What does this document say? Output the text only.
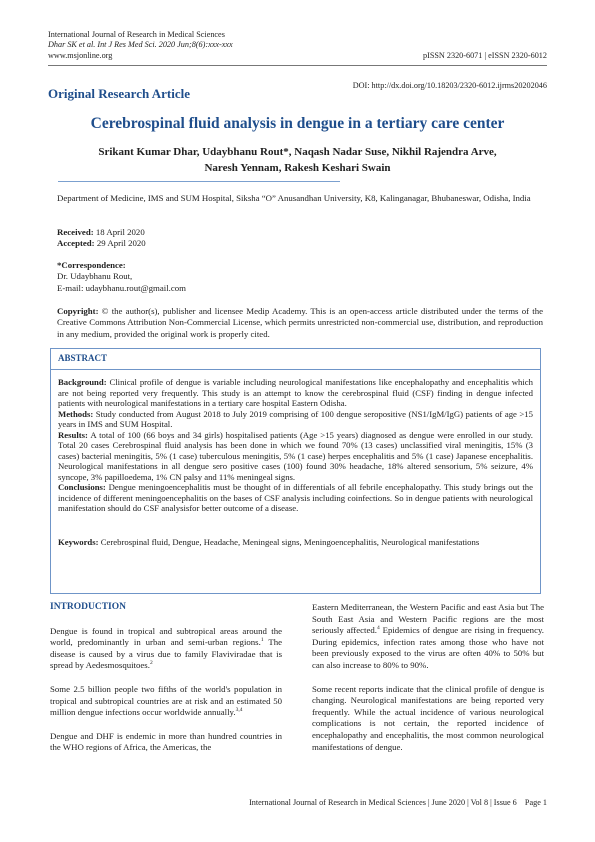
International Journal of Research in Medical Sciences
Dhar SK et al. Int J Res Med Sci. 2020 Jun;8(6):xxx-xxx
www.msjonline.org	pISSN 2320-6071 | eISSN 2320-6012
DOI: http://dx.doi.org/10.18203/2320-6012.ijrms20202046
Original Research Article
Cerebrospinal fluid analysis in dengue in a tertiary care center
Srikant Kumar Dhar, Udaybhanu Rout*, Naqash Nadar Suse, Nikhil Rajendra Arve,
Naresh Yennam, Rakesh Keshari Swain
Department of Medicine, IMS and SUM Hospital, Siksha “O” Anusandhan University, K8, Kalinganagar, Bhubaneswar, Odisha, India
Received: 18 April 2020
Accepted: 29 April 2020
*Correspondence:
Dr. Udaybhanu Rout,
E-mail: udaybhanu.rout@gmail.com
Copyright: © the author(s), publisher and licensee Medip Academy. This is an open-access article distributed under the terms of the Creative Commons Attribution Non-Commercial License, which permits unrestricted non-commercial use, distribution, and reproduction in any medium, provided the original work is properly cited.
ABSTRACT

Background: Clinical profile of dengue is variable including neurological manifestations like encephalopathy and encephalitis which are not being reported very frequently. This study is an attempt to know the cerebrospinal fluid (CSF) finding in dengue infected patients with neurological manifestations in a tertiary care hospital Eastern Odisha.

Methods: Study conducted from August 2018 to July 2019 comprising of 100 dengue seropositive (NS1/IgM/IgG) patients of age >15 years in IMS and SUM Hospital.

Results: A total of 100 (66 boys and 34 girls) hospitalised patients (Age >15 years) diagnosed as dengue were enrolled in our study. Total 20 cases Cerebrospinal fluid analysis has been done in which we found 70% (13 cases) unclassified viral meningitis, 15% (3 cases) bacterial meningitis, 5% (1 case) tuberculous meningitis, 5% (1 case) herpes encephalitis and 5% (1 case) Japanese encephalitis. Neurological manifestations in all dengue sero positive cases (100) found 30% headache, 18% altered sensorium, 5% seizure, 4% syncope, 3% papilloedema, 1% CN palsy and 11% meningeal signs.

Conclusions: Dengue meningoencephalitis must be thought of in differentials of all febrile encephalopathy. This study brings out the incidence of different meningoencephalitis on the bases of CSF analysis including coinfections. So in dengue patients with neurological manifestation should do CSF analysisfor better outcome of a disease.

Keywords: Cerebrospinal fluid, Dengue, Headache, Meningeal signs, Meningoencephalitis, Neurological manifestations
INTRODUCTION

Dengue is found in tropical and subtropical areas around the world, predominantly in urban and semi-urban regions.$^1$ The disease is caused by a virus due to family Flaviviradae that is spread by Aedesmosquitoes.$^2$

Some 2.5 billion people two fifths of the world's population in tropical and subtropical countries are at risk and an estimated 50 million dengue infections occur worldwide annually.$^{3,4}$

Dengue and DHF is endemic in more than hundred countries in the WHO regions of Africa, the Americas, the

Eastern Mediterranean, the Western Pacific and east Asia but The South East Asia and Western Pacific regions are the most seriously affected.$^4$ Epidemics of dengue are rising in frequency. During epidemics, infection rates among those who have not been previously exposed to the virus are often 40% to 50% but can also increase to 80% to 90%.

Some recent reports indicate that the clinical profile of dengue is changing. Neurological manifestations are being reported very frequently. While the actual incidence of various neurological complications is not certain, the reported incidence of encephalopathy and encephalitis, the most common neurological manifestations of dengue.

International Journal of Research in Medical Sciences | June 2020 | Vol 8 | Issue 6    Page 1
